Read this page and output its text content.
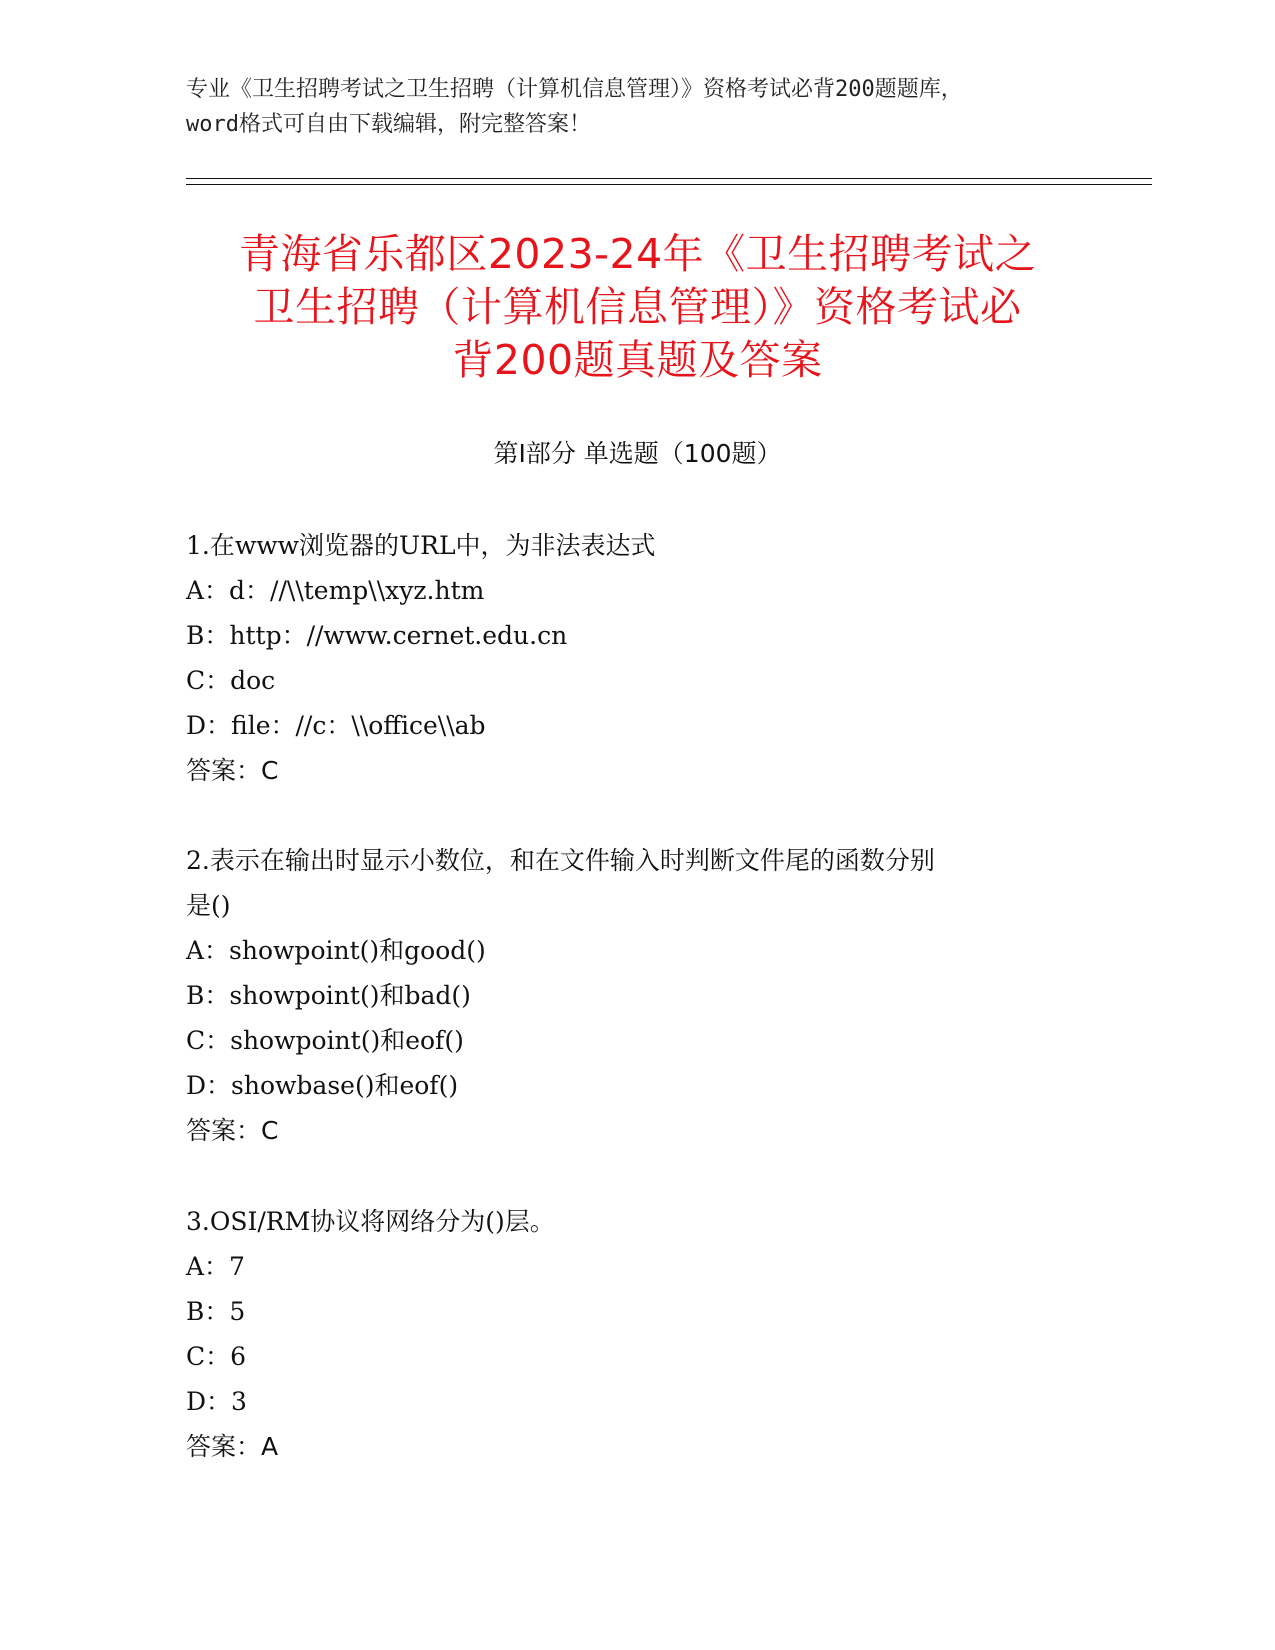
专业《卫生招聘考试之卫生招聘（计算机信息管理）》资格考试必背200题题库，
word格式可自由下载编辑，附完整答案！
青海省乐都区2023-24年《卫生招聘考试之
卫生招聘（计算机信息管理）》资格考试必
背200题真题及答案
第Ⅰ部分 单选题（100题）
1.在www浏览器的URL中，为非法表达式
A：d：//\\temp\\xyz.htm
B：http：//www.cernet.edu.cn
C：doc
D：file：//c：\\office\\ab
答案：C
2.表示在输出时显示小数位，和在文件输入时判断文件尾的函数分别
是()
A：showpoint()和good()
B：showpoint()和bad()
C：showpoint()和eof()
D：showbase()和eof()
答案：C
3.OSI/RM协议将网络分为()层。
A：7
B：5
C：6
D：3
答案：A
